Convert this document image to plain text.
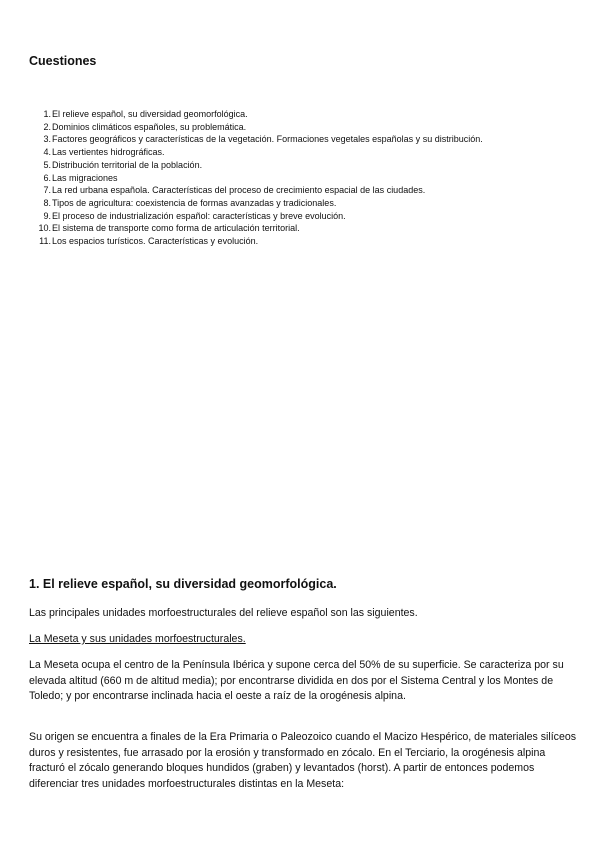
Cuestiones
1. El relieve español, su diversidad geomorfológica.
2. Dominios climáticos españoles, su problemática.
3. Factores geográficos y características de la vegetación. Formaciones vegetales españolas y su distribución.
4. Las vertientes hidrográficas.
5. Distribución territorial de la población.
6. Las migraciones
7. La red urbana española. Características del proceso de crecimiento espacial de las ciudades.
8. Tipos de agricultura: coexistencia de formas avanzadas y tradicionales.
9. El proceso de industrialización español: características y breve evolución.
10. El sistema de transporte como forma de articulación territorial.
11. Los espacios turísticos. Características y evolución.
1. El relieve español, su diversidad geomorfológica.

Las principales unidades morfoestructurales del relieve español son las siguientes.

La Meseta y sus unidades morfoestructurales.

La Meseta ocupa el centro de la Península Ibérica y supone cerca del 50% de su superficie. Se caracteriza por su elevada altitud (660 m de altitud media); por encontrarse dividida en dos por el Sistema Central y los Montes de Toledo; y por encontrarse inclinada hacia el oeste a raíz de la orogénesis alpina.

Su origen se encuentra a finales de la Era Primaria o Paleozoico cuando el Macizo Hespérico, de materiales silíceos duros y resistentes, fue arrasado por la erosión y transformado en zócalo. En el Terciario, la orogénesis alpina fracturó el zócalo generando bloques hundidos (graben) y levantados (horst). A partir de entonces podemos diferenciar tres unidades morfoestructurales distintas en la Meseta:
